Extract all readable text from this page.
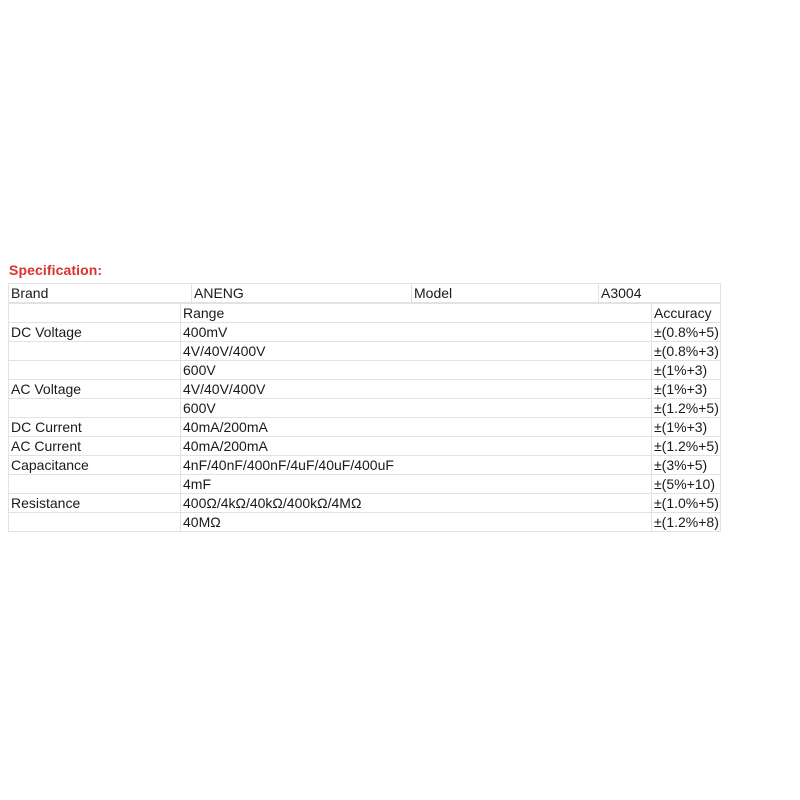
Specification:
Brand	ANENG	Model	A3004
	Range	Accuracy
DC Voltage	400mV	±(0.8%+5)
	4V/40V/400V	±(0.8%+3)
	600V	±(1%+3)
AC Voltage	4V/40V/400V	±(1%+3)
	600V	±(1.2%+5)
DC Current	40mA/200mA	±(1%+3)
AC Current	40mA/200mA	±(1.2%+5)
Capacitance	4nF/40nF/400nF/4uF/40uF/400uF	±(3%+5)
	4mF	±(5%+10)
Resistance	400Ω/4kΩ/40kΩ/400kΩ/4MΩ	±(1.0%+5)
	40MΩ	±(1.2%+8)
